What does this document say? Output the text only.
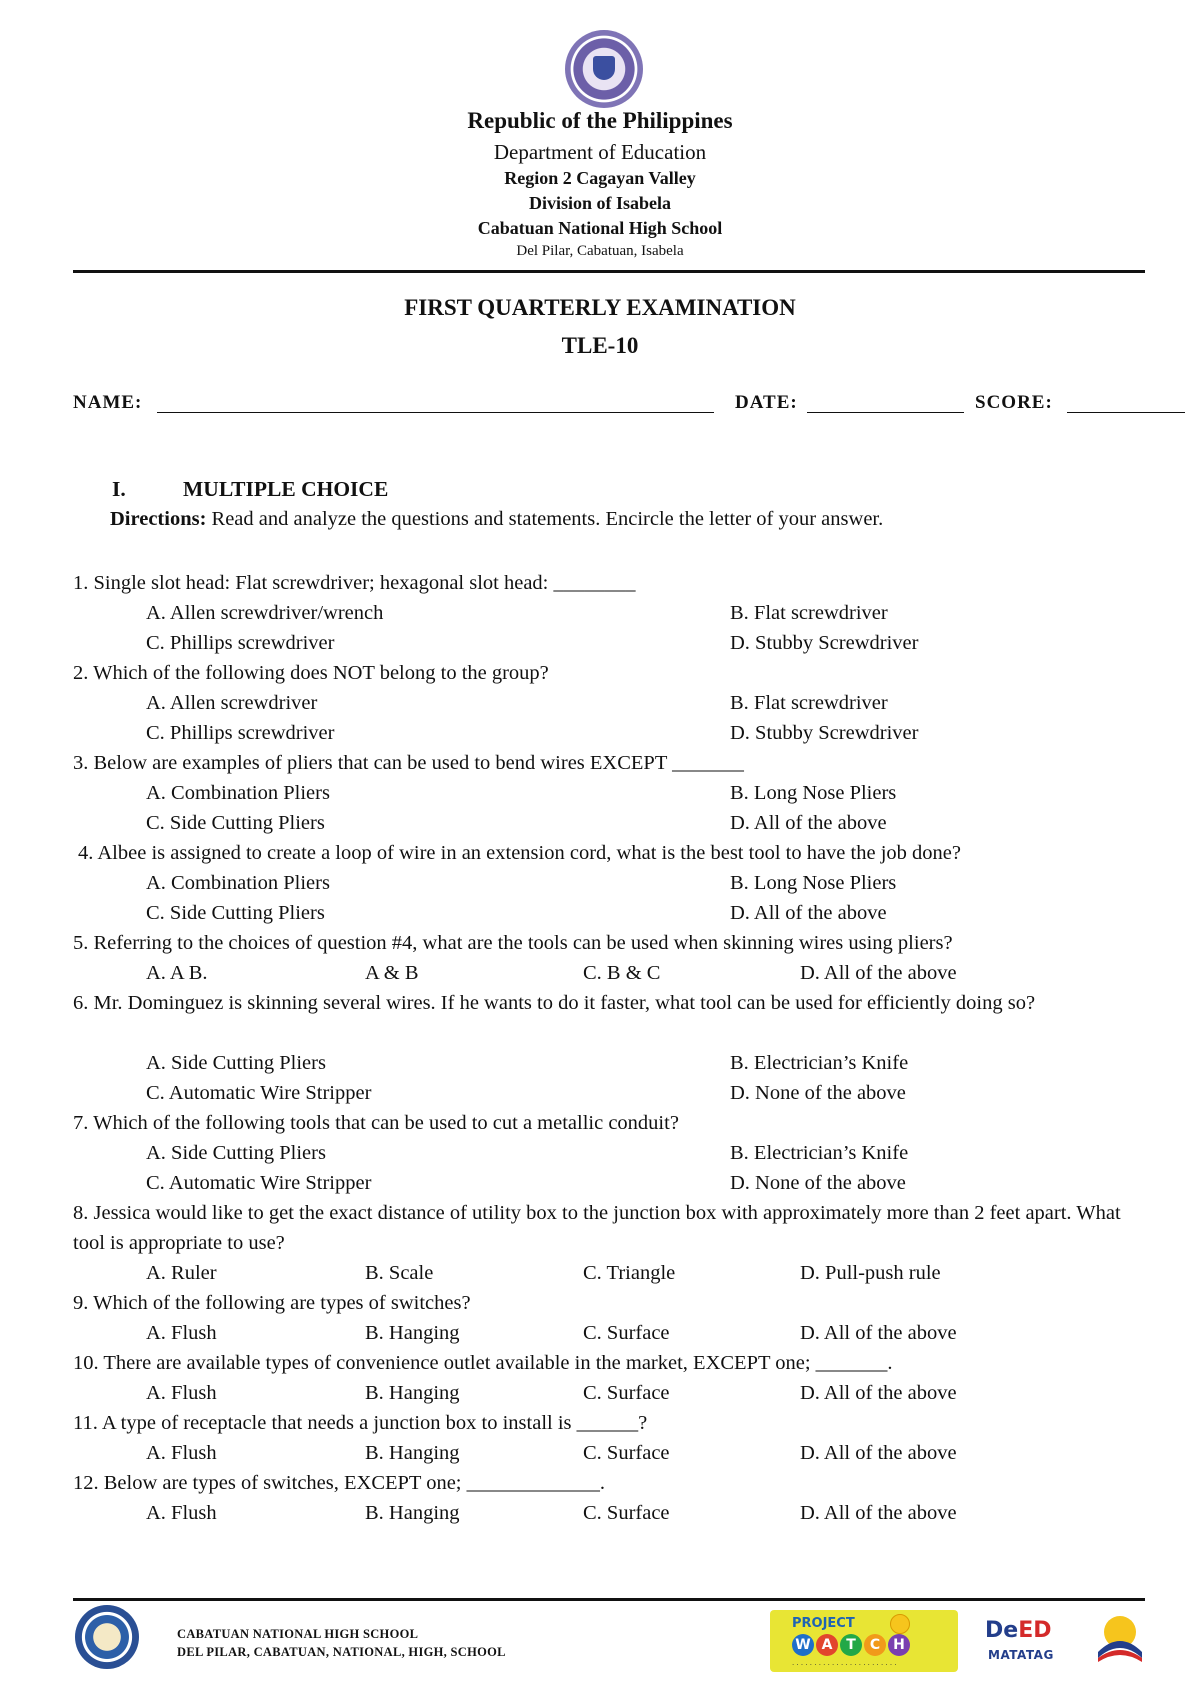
Republic of the Philippines
Department of Education
Region 2 Cagayan Valley
Division of Isabela
Cabatuan National High School
Del Pilar, Cabatuan, Isabela
FIRST QUARTERLY EXAMINATION
TLE-10
NAME:	DATE:	SCORE:
I.	MULTIPLE CHOICE
Directions: Read and analyze the questions and statements. Encircle the letter of your answer.
1. Single slot head: Flat screwdriver; hexagonal slot head: ________
A. Allen screwdriver/wrench	B. Flat screwdriver
C. Phillips screwdriver	D. Stubby Screwdriver
2. Which of the following does NOT belong to the group?
A. Allen screwdriver	B. Flat screwdriver
C. Phillips screwdriver	D. Stubby Screwdriver
3. Below are examples of pliers that can be used to bend wires EXCEPT _______
A. Combination Pliers	B. Long Nose Pliers
C. Side Cutting Pliers	D. All of the above
4. Albee is assigned to create a loop of wire in an extension cord, what is the best tool to have the job done?
A. Combination Pliers	B. Long Nose Pliers
C. Side Cutting Pliers	D. All of the above
5. Referring to the choices of question #4, what are the tools can be used when skinning wires using pliers?
A. A B.	A & B	C. B & C	D. All of the above
6. Mr. Dominguez is skinning several wires. If he wants to do it faster, what tool can be used for efficiently doing so?
A. Side Cutting Pliers	B. Electrician’s Knife
C. Automatic Wire Stripper	D. None of the above
7. Which of the following tools that can be used to cut a metallic conduit?
A. Side Cutting Pliers	B. Electrician’s Knife
C. Automatic Wire Stripper	D. None of the above
8. Jessica would like to get the exact distance of utility box to the junction box with approximately more than 2 feet apart. What tool is appropriate to use?
A. Ruler	B. Scale	C. Triangle	D. Pull-push rule
9. Which of the following are types of switches?
A. Flush	B. Hanging	C. Surface	D. All of the above
10. There are available types of convenience outlet available in the market, EXCEPT one; _______.
A. Flush	B. Hanging	C. Surface	D. All of the above
11. A type of receptacle that needs a junction box to install is ______?
A. Flush	B. Hanging	C. Surface	D. All of the above
12. Below are types of switches, EXCEPT one; _____________.
A. Flush	B. Hanging	C. Surface	D. All of the above
CABATUAN NATIONAL HIGH SCHOOL
DEL PILAR, CABATUAN, NATIONAL, HIGH, SCHOOL
PROJECT
W A T	C H
. . . . . . . . . . . . . . . . . . . . . . . .
DeED
MATATAG
